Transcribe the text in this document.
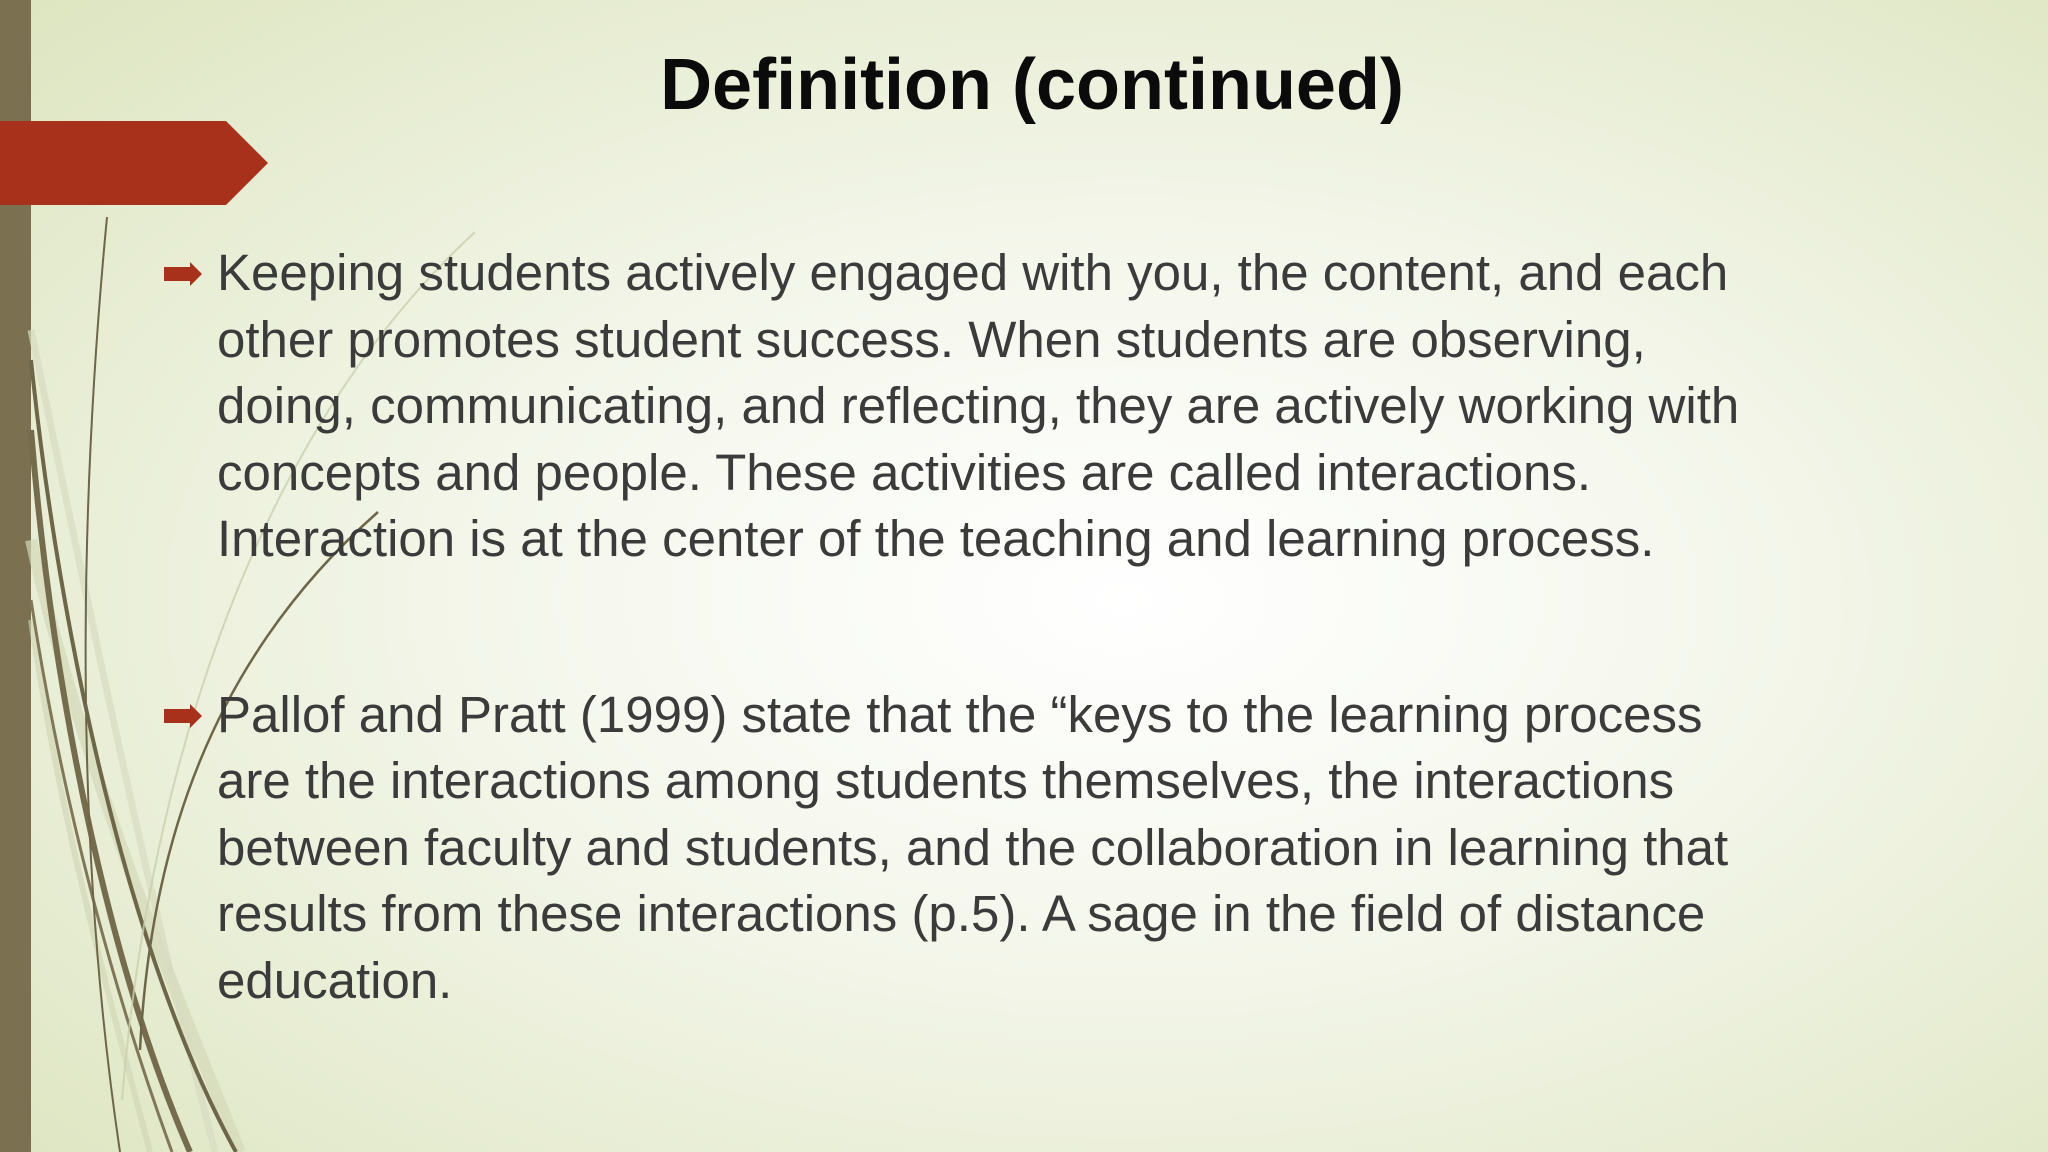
Definition (continued)
Keeping students actively engaged with you, the content, and each
other promotes student success. When students are observing,
doing, communicating, and reflecting, they are actively working with
concepts and people. These activities are called interactions.
Interaction is at the center of the teaching and learning process.
Pallof and Pratt (1999) state that the “keys to the learning process
are the interactions among students themselves, the interactions
between faculty and students, and the collaboration in learning that
results from these interactions (p.5). A sage in the field of distance
education.
